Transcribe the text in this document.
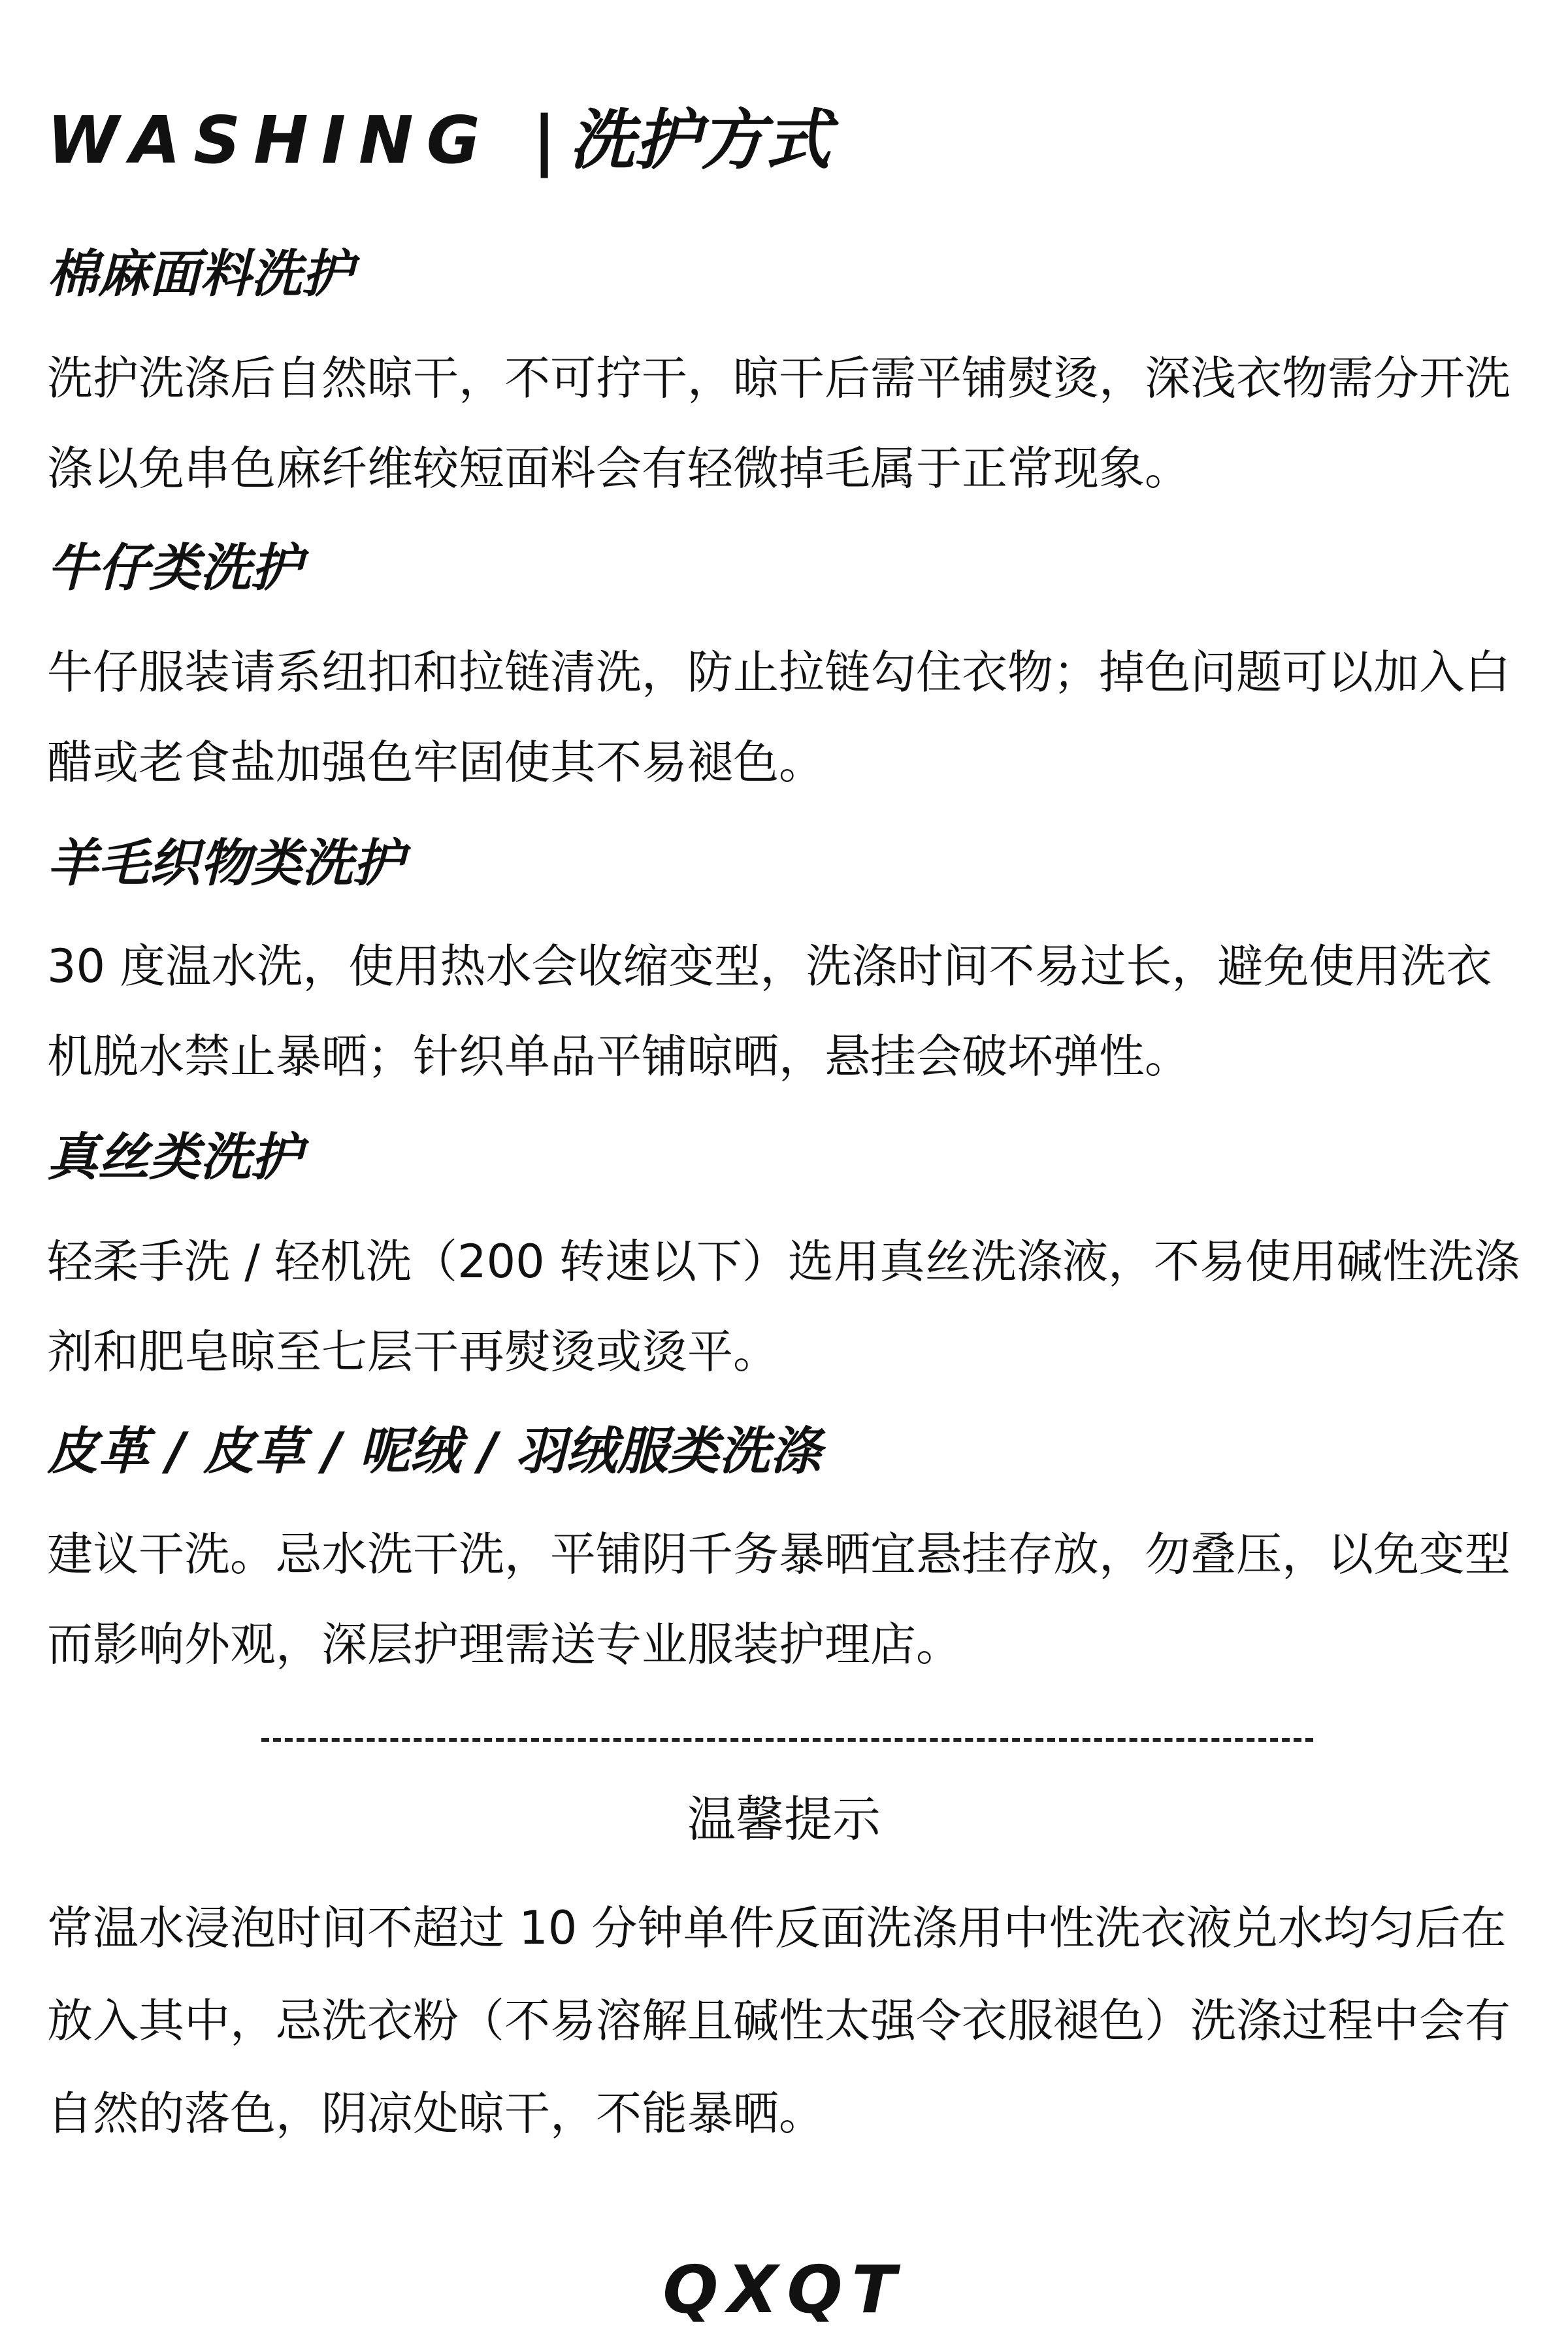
WASHING | 洗护方式
棉麻面料洗护

洗护洗涤后自然晾干，不可拧干，晾干后需平铺熨烫，深浅衣物需分开洗涤以免串色麻纤维较短面料会有轻微掉毛属于正常现象。

牛仔类洗护

牛仔服装请系纽扣和拉链清洗，防止拉链勾住衣物；掉色问题可以加入白醋或老食盐加强色牢固使其不易褪色。

羊毛织物类洗护

30 度温水洗，使用热水会收缩变型，洗涤时间不易过长，避免使用洗衣机脱水禁止暴晒；针织单品平铺晾晒，悬挂会破坏弹性。

真丝类洗护

轻柔手洗 / 轻机洗（200 转速以下）选用真丝洗涤液，不易使用碱性洗涤剂和肥皂晾至七层干再熨烫或烫平。

皮革 / 皮草 / 呢绒 / 羽绒服类洗涤

建议干洗。忌水洗干洗，平铺阴千务暴晒宜悬挂存放，勿叠压，以免变型而影响外观，深层护理需送专业服装护理店。

温馨提示

常温水浸泡时间不超过 10 分钟单件反面洗涤用中性洗衣液兑水均匀后在放入其中，忌洗衣粉（不易溶解且碱性太强令衣服褪色）洗涤过程中会有自然的落色，阴凉处晾干，不能暴晒。

QXQT
